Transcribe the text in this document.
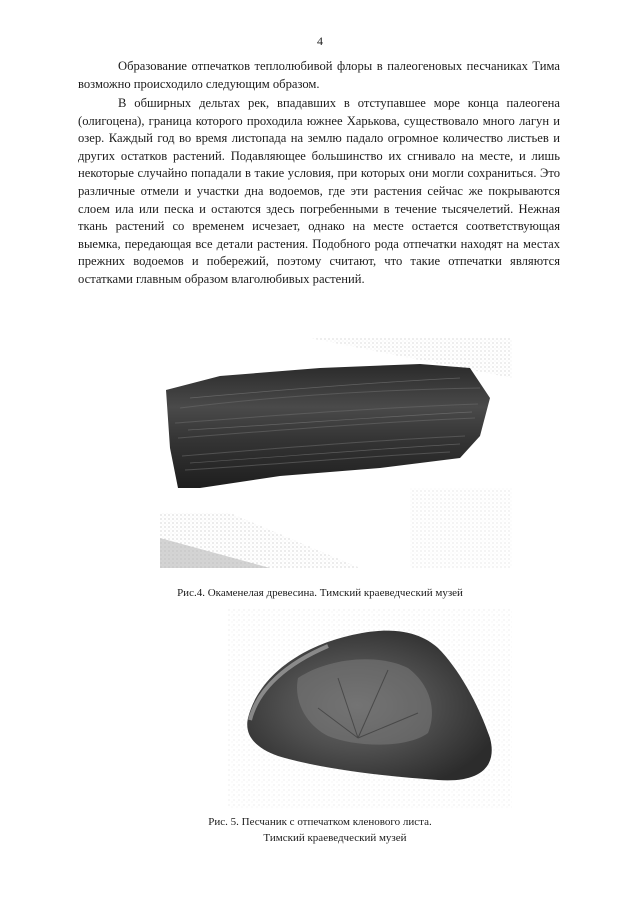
4

Образование отпечатков теплолюбивой флоры в палеогеновых песчаниках Тима возможно происходило следующим образом.

В обширных дельтах рек, впадавших в отступавшее море конца палеогена (олигоцена), граница которого проходила южнее Харькова, существовало много лагун и озер. Каждый год во время листопада на землю падало огромное количество листьев и других остатков растений. Подавляющее большинство их сгнивало на месте, и лишь некоторые случайно попадали в такие условия, при которых они могли сохраниться. Это различные отмели и участки дна водоемов, где эти растения сейчас же покрываются слоем ила или песка и остаются здесь погребенными в течение тысячелетий. Нежная ткань растений со временем исчезает, однако на месте остается соответствующая выемка, передающая все детали растения. Подобного рода отпечатки находят на местах прежних водоемов и побережий, поэтому считают, что такие отпечатки являются остатками главным образом влаголюбивых растений.

Рис.4. Окаменелая древесина. Тимский краеведческий музей
Рис. 5. Песчаник с отпечатком кленового листа.
Тимский краеведческий музей
